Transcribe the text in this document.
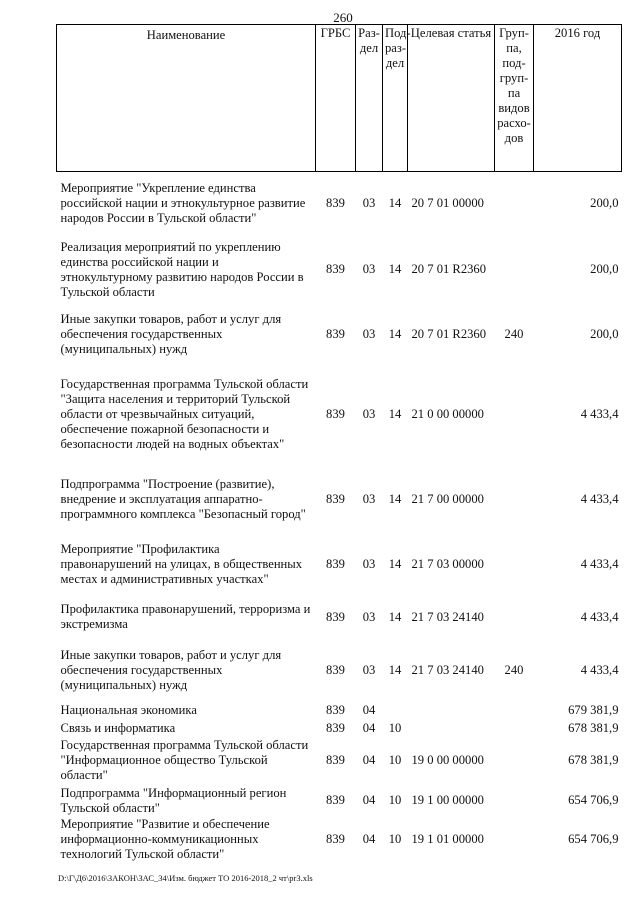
260
Наименование	ГРБС	Раз-дел	Под-раз-дел	Целевая статья	Груп-па, под-груп-па видов расхо-дов	2016 год
Мероприятие "Укрепление единства российской нации и этнокультурное развитие народов России в Тульской области"	839	03	14	20 7 01 00000		200,0
Реализация мероприятий по укреплению единства российской нации и этнокультурному развитию народов России в Тульской области	839	03	14	20 7 01 R2360		200,0
Иные закупки товаров, работ и услуг для обеспечения государственных (муниципальных) нужд	839	03	14	20 7 01 R2360	240	200,0
Государственная программа Тульской области "Защита населения и территорий Тульской области от чрезвычайных ситуаций, обеспечение пожарной безопасности и безопасности людей на водных объектах"	839	03	14	21 0 00 00000		4 433,4
Подпрограмма "Построение (развитие), внедрение и эксплуатация аппаратно-программного комплекса "Безопасный город"	839	03	14	21 7 00 00000		4 433,4
Мероприятие "Профилактика правонарушений на улицах, в общественных местах и административных участках"	839	03	14	21 7 03 00000		4 433,4
Профилактика правонарушений, терроризма и экстремизма	839	03	14	21 7 03 24140		4 433,4
Иные закупки товаров, работ и услуг для обеспечения государственных (муниципальных) нужд	839	03	14	21 7 03 24140	240	4 433,4
Национальная экономика	839	04				679 381,9
Связь и информатика	839	04	10			678 381,9
Государственная программа Тульской области "Информационное общество Тульской области"	839	04	10	19 0 00 00000		678 381,9
Подпрограмма "Информационный регион Тульской области"	839	04	10	19 1 00 00000		654 706,9
Мероприятие "Развитие и обеспечение информационно-коммуникационных технологий Тульской области"	839	04	10	19 1 01 00000		654 706,9
D:\Г\Д6\2016\ЗАКОН\ЗАС_34\Изм. бюджет ТО 2016-2018_2 чт\pr3.xls
